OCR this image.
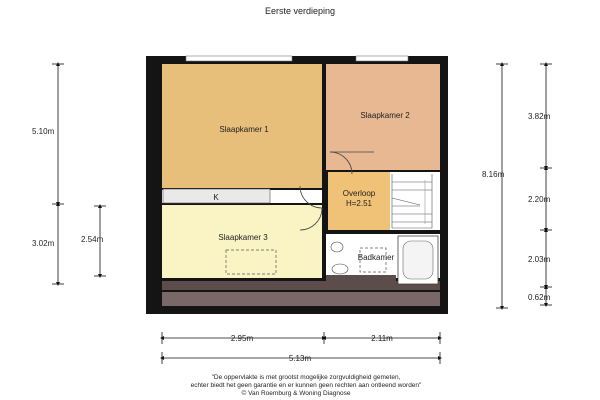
Eerste verdieping
K
Slaapkamer 1
Slaapkamer 2
Slaapkamer 3
Overloop
H=2.51
Badkamer
5.10m
3.02m	2.54m
8.16m
3.82m
2.20m
2.03m
0.62m
2.95m	2.11m
5.13m
"De oppervlakte is met grootst mogelijke zorgvuldigheid gemeten,
echter biedt het geen garantie en er kunnen geen rechten aan ontleend worden"
© Van Roemburg & Woning Diagnose
